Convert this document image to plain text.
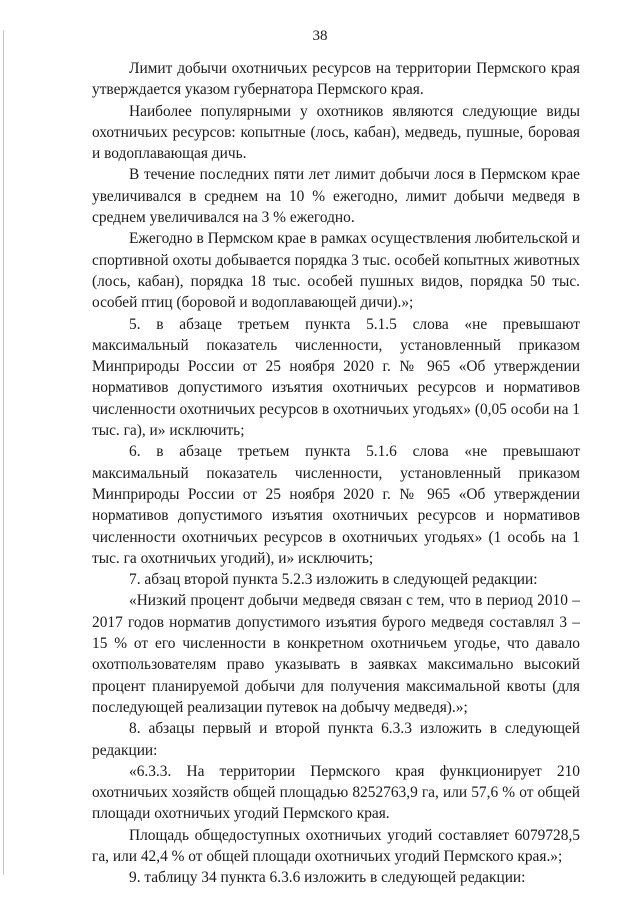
38

Лимит добычи охотничьих ресурсов на территории Пермского края утверждается указом губернатора Пермского края.

Наиболее популярными у охотников являются следующие виды охотничьих ресурсов: копытные (лось, кабан), медведь, пушные, боровая и водоплавающая дичь.

В течение последних пяти лет лимит добычи лося в Пермском крае увеличивался в среднем на 10 % ежегодно, лимит добычи медведя в среднем увеличивался на 3 % ежегодно.

Ежегодно в Пермском крае в рамках осуществления любительской и спортивной охоты добывается порядка 3 тыс. особей копытных животных (лось, кабан), порядка 18 тыс. особей пушных видов, порядка 50 тыс. особей птиц (боровой и водоплавающей дичи).»;

5. в абзаце третьем пункта 5.1.5 слова «не превышают максимальный показатель численности, установленный приказом Минприроды России от 25 ноября 2020 г. № 965 «Об утверждении нормативов допустимого изъятия охотничьих ресурсов и нормативов численности охотничьих ресурсов в охотничьих угодьях» (0,05 особи на 1 тыс. га), и» исключить;

6. в абзаце третьем пункта 5.1.6 слова «не превышают максимальный показатель численности, установленный приказом Минприроды России от 25 ноября 2020 г. № 965 «Об утверждении нормативов допустимого изъятия охотничьих ресурсов и нормативов численности охотничьих ресурсов в охотничьих угодьях» (1 особь на 1 тыс. га охотничьих угодий), и» исключить;

7. абзац второй пункта 5.2.3 изложить в следующей редакции:

«Низкий процент добычи медведя связан с тем, что в период 2010 – 2017 годов норматив допустимого изъятия бурого медведя составлял 3 – 15 % от его численности в конкретном охотничьем угодье, что давало охотпользователям право указывать в заявках максимально высокий процент планируемой добычи для получения максимальной квоты (для последующей реализации путевок на добычу медведя).»;

8. абзацы первый и второй пункта 6.3.3 изложить в следующей редакции:

«6.3.3. На территории Пермского края функционирует 210 охотничьих хозяйств общей площадью 8252763,9 га, или 57,6 % от общей площади охотничьих угодий Пермского края.

Площадь общедоступных охотничьих угодий составляет 6079728,5 га, или 42,4 % от общей площади охотничьих угодий Пермского края.»;

9. таблицу 34 пункта 6.3.6 изложить в следующей редакции:
